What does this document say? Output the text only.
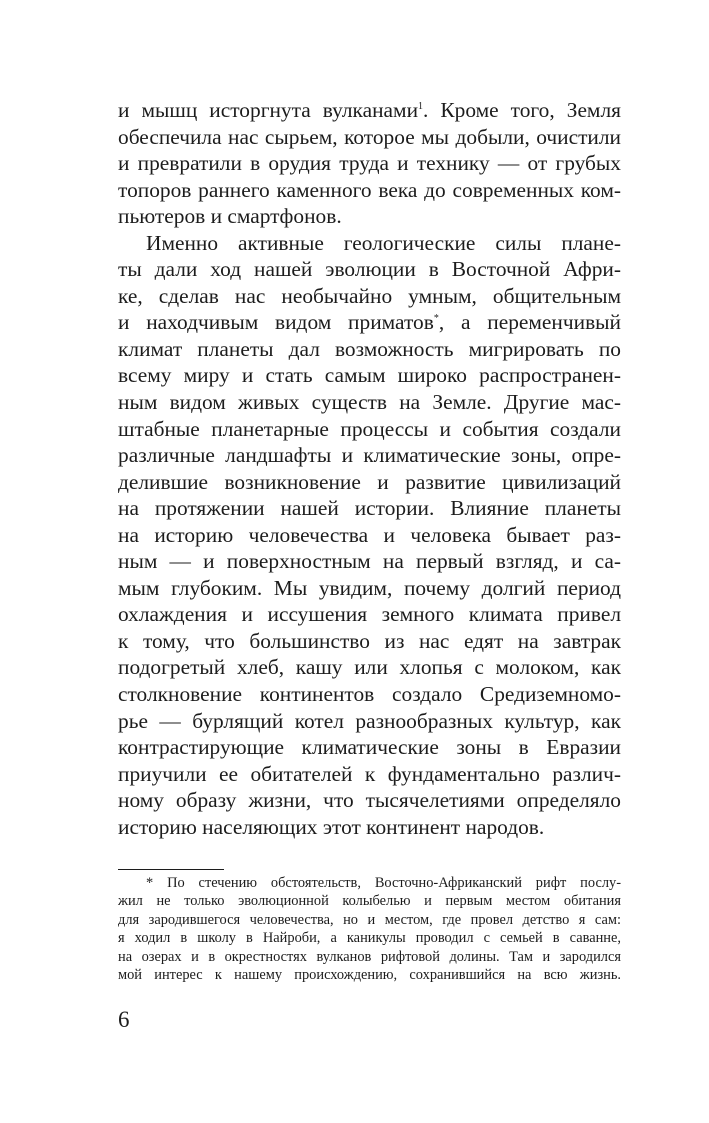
и мышц исторгнута вулканами$^1$. Кроме того, Земля
обеспечила нас сырьем, которое мы добыли, очистили
и превратили в орудия труда и технику — от грубых
топоров раннего каменного века до современных ком-
пьютеров и смартфонов.
Именно активные геологические силы плане-
ты дали ход нашей эволюции в Восточной Афри-
ке, сделав нас необычайно умным, общительным
и находчивым видом приматов*, а переменчивый
климат планеты дал возможность мигрировать по
всему миру и стать самым широко распространен-
ным видом живых существ на Земле. Другие мас-
штабные планетарные процессы и события создали
различные ландшафты и климатические зоны, опре-
делившие возникновение и развитие цивилизаций
на протяжении нашей истории. Влияние планеты
на историю человечества и человека бывает раз-
ным — и поверхностным на первый взгляд, и са-
мым глубоким. Мы увидим, почему долгий период
охлаждения и иссушения земного климата привел
к тому, что большинство из нас едят на завтрак
подогретый хлеб, кашу или хлопья с молоком, как
столкновение континентов создало Средиземномо-
рье — бурлящий котел разнообразных культур, как
контрастирующие климатические зоны в Евразии
приучили ее обитателей к фундаментально различ-
ному образу жизни, что тысячелетиями определяло
историю населяющих этот континент народов.
* По стечению обстоятельств, Восточно-Африканский рифт послу-
жил не только эволюционной колыбелью и первым местом обитания
для зародившегося человечества, но и местом, где провел детство я сам:
я ходил в школу в Найроби, а каникулы проводил с семьей в саванне,
на озерах и в окрестностях вулканов рифтовой долины. Там и зародился
мой интерес к нашему происхождению, сохранившийся на всю жизнь.
6
